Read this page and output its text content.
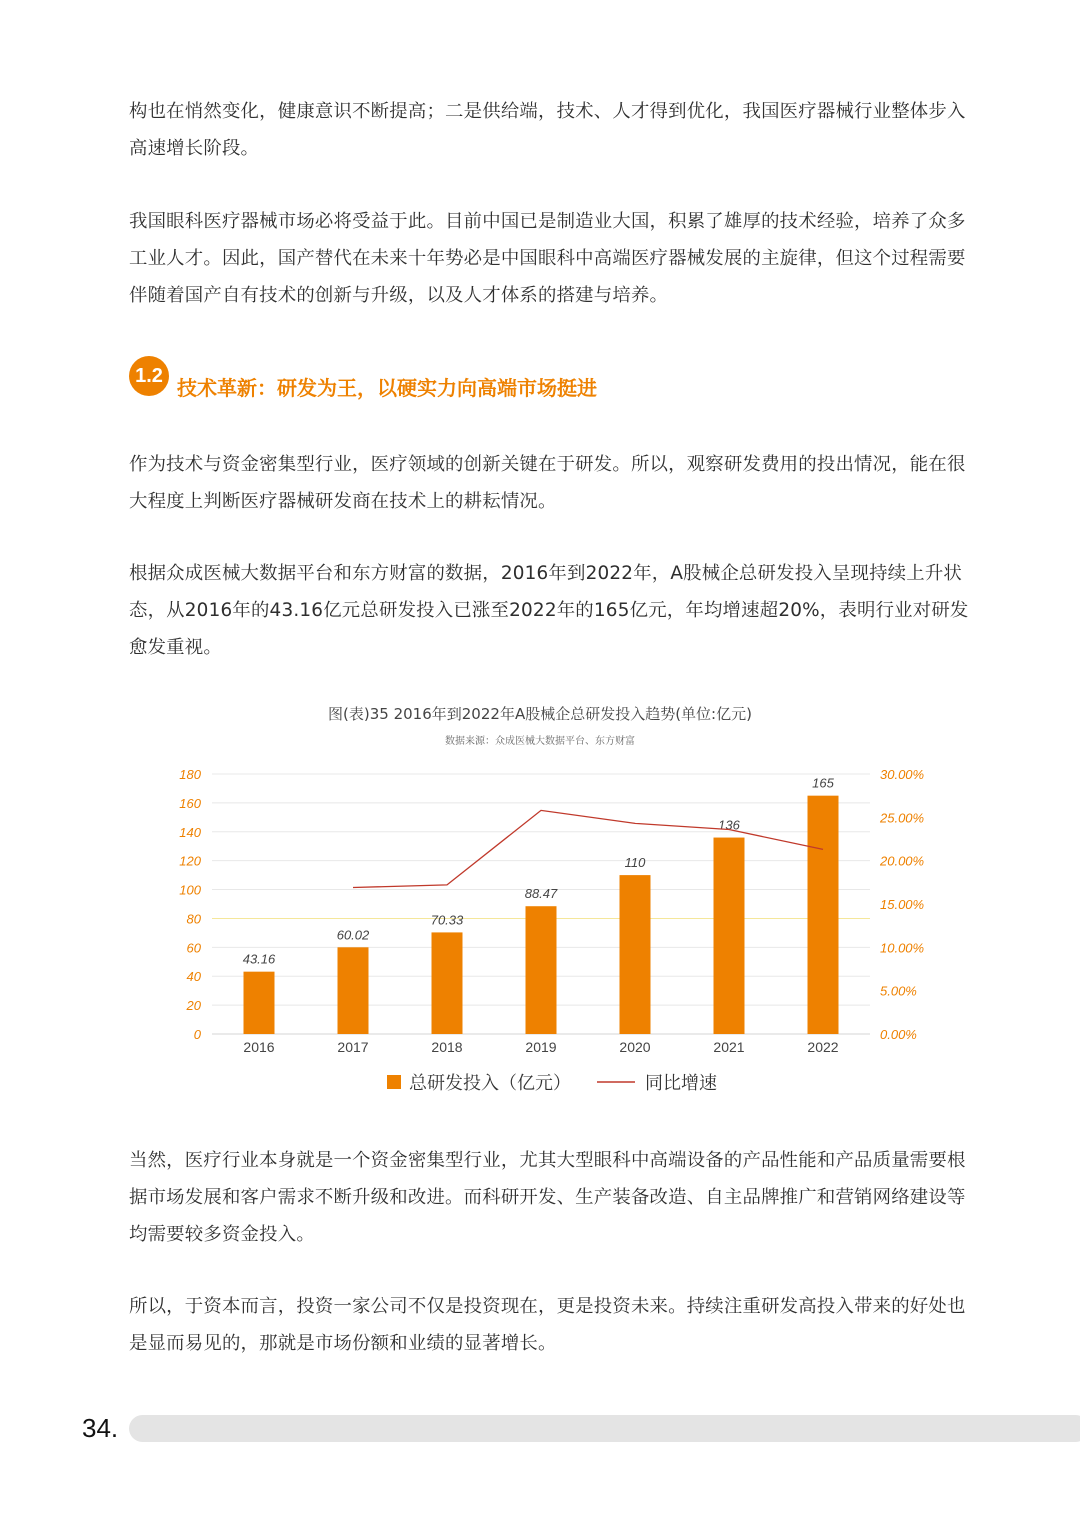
构也在悄然变化，健康意识不断提高；二是供给端，技术、人才得到优化，我国医疗器械行业整体步入高速增长阶段。

我国眼科医疗器械市场必将受益于此。目前中国已是制造业大国，积累了雄厚的技术经验，培养了众多工业人才。因此，国产替代在未来十年势必是中国眼科中高端医疗器械发展的主旋律，但这个过程需要伴随着国产自有技术的创新与升级，以及人才体系的搭建与培养。

1.2 技术革新：研发为王，以硬实力向高端市场挺进

作为技术与资金密集型行业，医疗领域的创新关键在于研发。所以，观察研发费用的投出情况，能在很大程度上判断医疗器械研发商在技术上的耕耘情况。

根据众成医械大数据平台和东方财富的数据，2016年到2022年，A股械企总研发投入呈现持续上升状态，从2016年的43.16亿元总研发投入已涨至2022年的165亿元，年均增速超20%，表明行业对研发愈发重视。

图(表)35 2016年到2022年A股械企总研发投入趋势(单位:亿元)
数据来源：众成医械大数据平台、东方财富
0
20
40
60
80
100
120
140
160
180
0.00%
5.00%
10.00%
15.00%
20.00%
25.00%
30.00%
43.16
60.02
70.33
88.47
110
136
165
2016	2017	2018	2019	2020	2021	2022
总研发投入（亿元）	同比增速

当然，医疗行业本身就是一个资金密集型行业，尤其大型眼科中高端设备的产品性能和产品质量需要根据市场发展和客户需求不断升级和改进。而科研开发、生产装备改造、自主品牌推广和营销网络建设等均需要较多资金投入。

所以，于资本而言，投资一家公司不仅是投资现在，更是投资未来。持续注重研发高投入带来的好处也是显而易见的，那就是市场份额和业绩的显著增长。

34.
